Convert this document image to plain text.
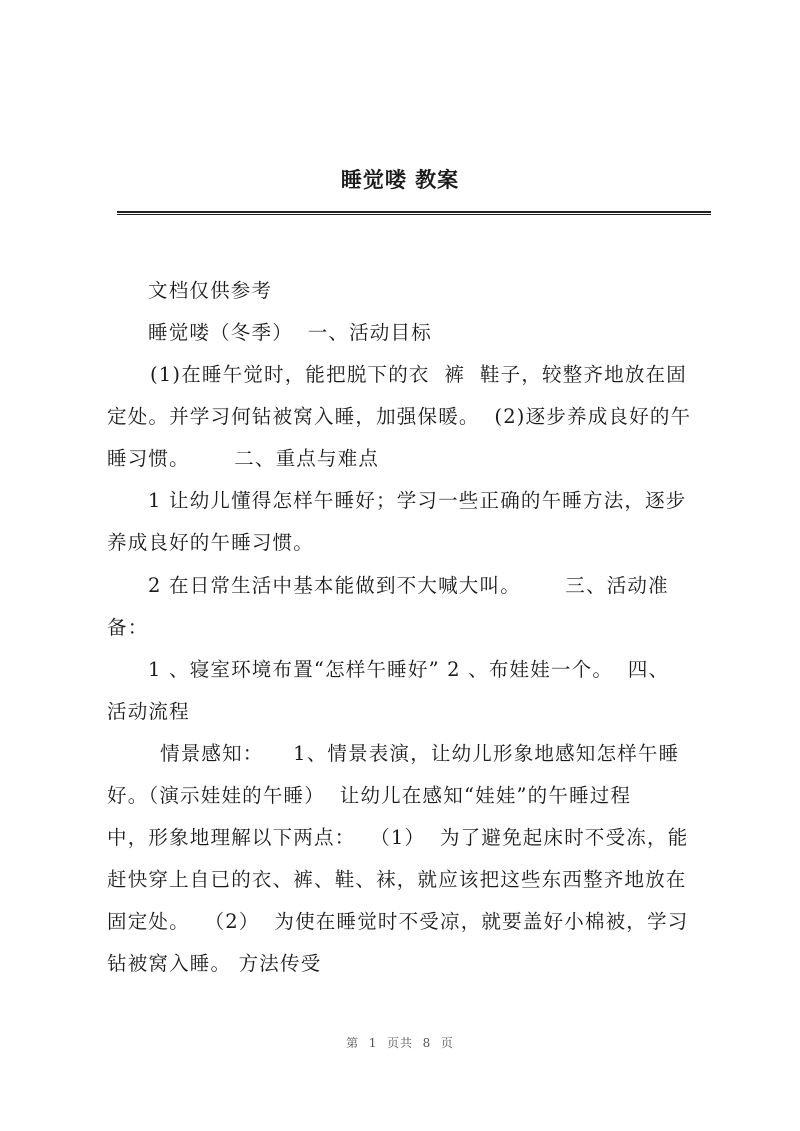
睡觉喽 教案
文档仅供参考
睡觉喽（冬季）  一、活动目标
(1)在睡午觉时，能把脱下的衣  裤  鞋子，较整齐地放在固
定处。并学习何钻被窝入睡，加强保暖。  (2)逐步养成良好的午
睡习惯。      二、重点与难点
1 让幼儿懂得怎样午睡好；学习一些正确的午睡方法，逐步
养成良好的午睡习惯。
2 在日常生活中基本能做到不大喊大叫。      三、活动准
备：
1 、寝室环境布置“怎样午睡好” 2 、布娃娃一个。  四、
活动流程
情景感知：    1、情景表演，让幼儿形象地感知怎样午睡
好。（演示娃娃的午睡）  让幼儿在感知“娃娃”的午睡过程
中，形象地理解以下两点：  （1）  为了避免起床时不受冻，能
赶快穿上自已的衣、裤、鞋、袜，就应该把这些东西整齐地放在
固定处。  （2）  为使在睡觉时不受凉，就要盖好小棉被，学习
钻被窝入睡。 方法传受
第  1  页共  8  页
